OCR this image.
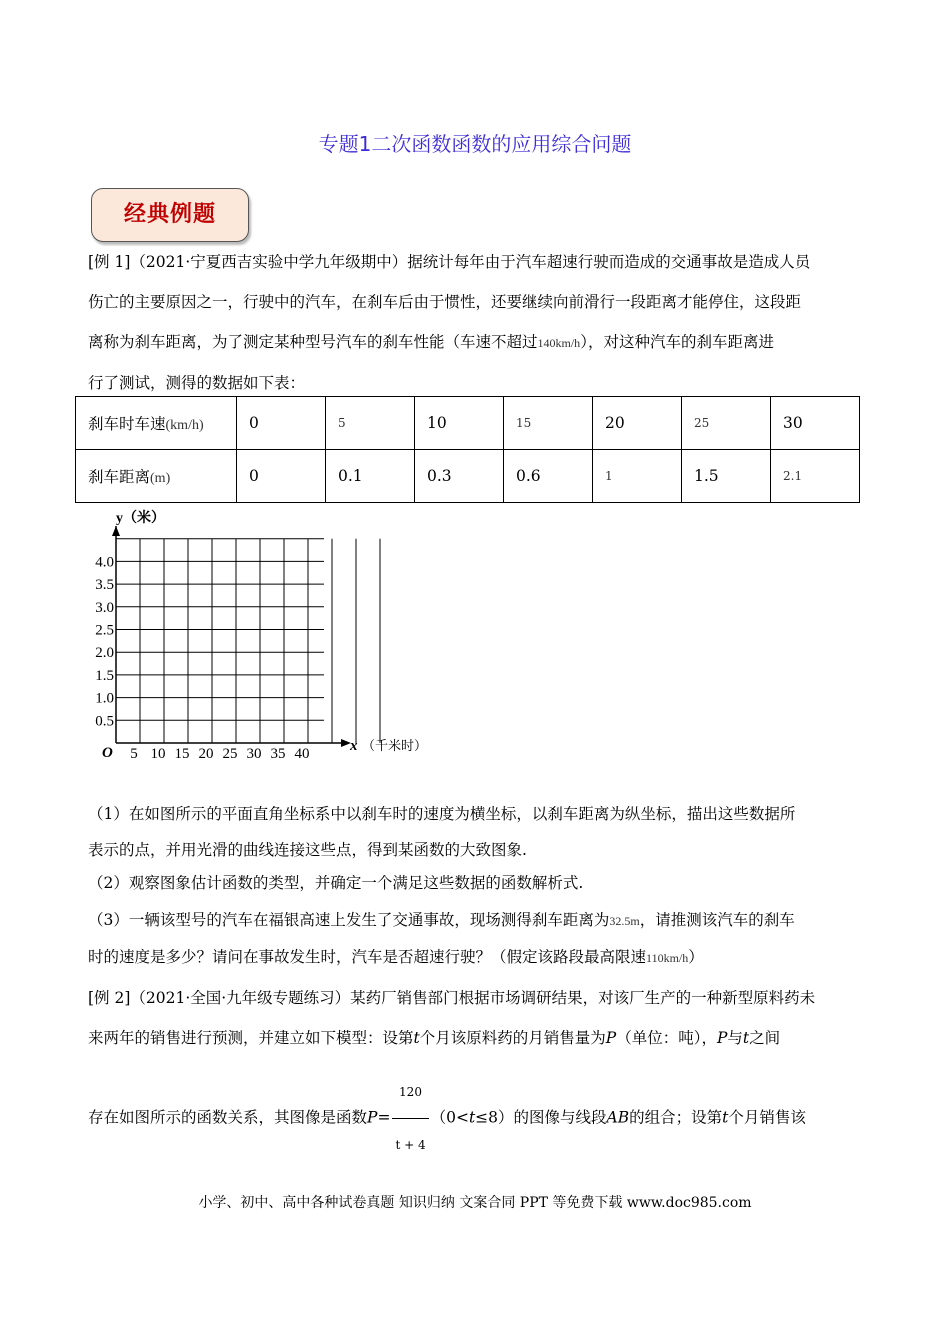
专题1二次函数函数的应用综合问题
经典例题
[例 1]（2021·宁夏西吉实验中学九年级期中）据统计每年由于汽车超速行驶而造成的交通事故是造成人员
伤亡的主要原因之一，行驶中的汽车，在刹车后由于惯性，还要继续向前滑行一段距离才能停住，这段距
离称为刹车距离，为了测定某种型号汽车的刹车性能（车速不超过140km/h），对这种汽车的刹车距离进
行了测试，测得的数据如下表：
刹车时车速(km/h)	0	5	10	15	20	25	30
刹车距离(m)	0	0.1	0.3	0.6	1	1.5	2.1
0.5
1.0
1.5
2.0
2.5
3.0
3.5
4.0
5 10 15 20 25 30 35 40
y（米）
x （千米时）
O
（1）在如图所示的平面直角坐标系中以刹车时的速度为横坐标，以刹车距离为纵坐标，描出这些数据所
表示的点，并用光滑的曲线连接这些点，得到某函数的大致图象.
（2）观察图象估计函数的类型，并确定一个满足这些数据的函数解析式.
（3）一辆该型号的汽车在福银高速上发生了交通事故，现场测得刹车距离为32.5m，请推测该汽车的刹车
时的速度是多少？请问在事故发生时，汽车是否超速行驶？（假定该路段最高限速110km/h）
[例 2]（2021·全国·九年级专题练习）某药厂销售部门根据市场调研结果，对该厂生产的一种新型原料药未
来两年的销售进行预测，并建立如下模型：设第t个月该原料药的月销售量为P（单位：吨），P与t之间
存在如图所示的函数关系，其图像是函数$P= \frac{120}{t + 4} (0<t\le 8)$的图像与线段AB的组合；设第t个月销售该
小学、初中、高中各种试卷真题 知识归纳 文案合同 PPT 等免费下载 www.doc985.com
